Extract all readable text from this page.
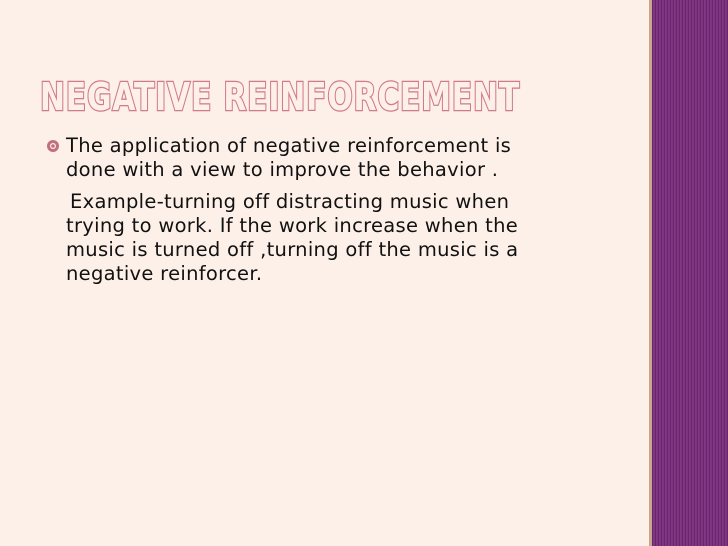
NEGATIVE REINFORCEMENT
The application of negative reinforcement is
done with a view to improve the behavior .
Example-turning off distracting music when
trying to work. If the work increase when the
music is turned off ,turning off the music is a
negative reinforcer.
